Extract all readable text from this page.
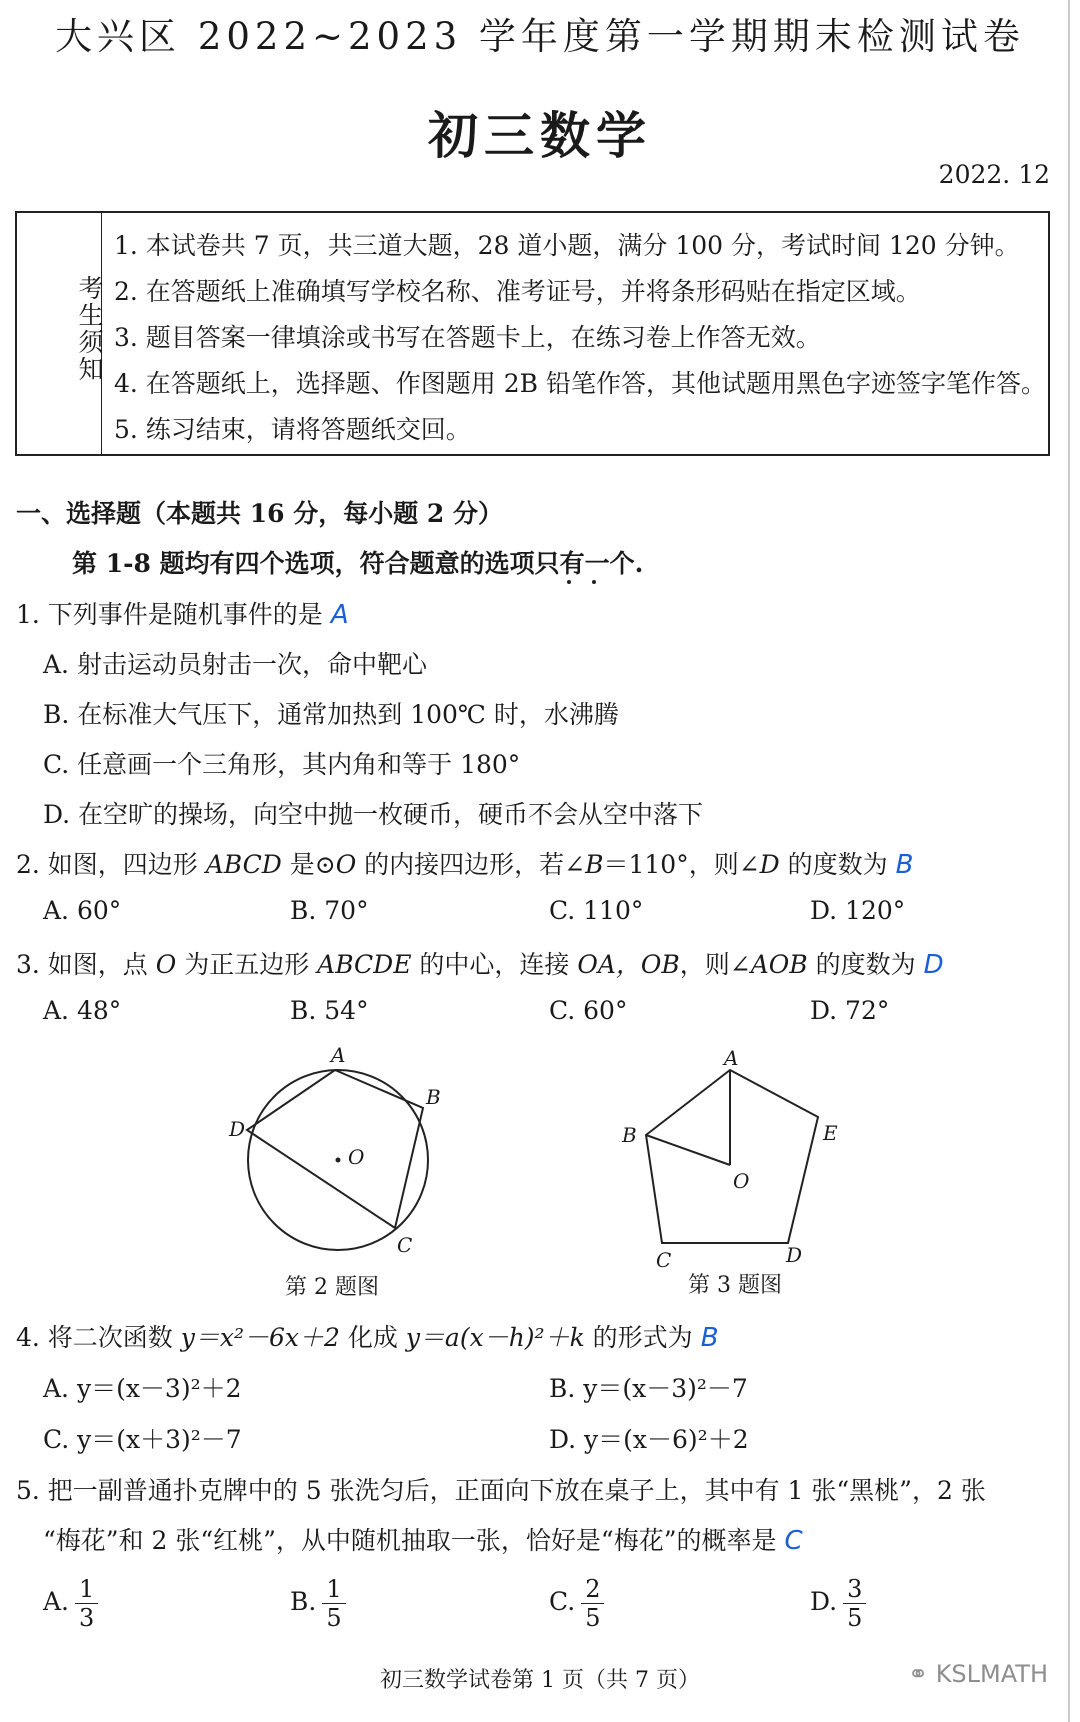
大兴区 2022~2023 学年度第一学期期末检测试卷
初三数学
2022. 12
考生须知
1. 本试卷共 7 页，共三道大题，28 道小题，满分 100 分，考试时间 120 分钟。
2. 在答题纸上准确填写学校名称、准考证号，并将条形码贴在指定区域。
3. 题目答案一律填涂或书写在答题卡上，在练习卷上作答无效。
4. 在答题纸上，选择题、作图题用 2B 铅笔作答，其他试题用黑色字迹签字笔作答。
5. 练习结束，请将答题纸交回。
一、选择题（本题共 16 分，每小题 2 分）
第 1-8 题均有四个选项，符合题意的选项只有一个.
1. 下列事件是随机事件的是 A
A. 射击运动员射击一次，命中靶心
B. 在标准大气压下，通常加热到 100℃ 时，水沸腾
C. 任意画一个三角形，其内角和等于 180°
D. 在空旷的操场，向空中抛一枚硬币，硬币不会从空中落下
2. 如图，四边形 ABCD 是⊙O 的内接四边形，若∠B＝110°，则∠D 的度数为 B
A. 60°	B. 70°	C. 110°	D. 120°
3. 如图，点 O 为正五边形 ABCDE 的中心，连接 OA，OB，则∠AOB 的度数为 D
A. 48°	B. 54°	C. 60°	D. 72°
A
B
C
D
O
第 2 题图
A
B
C	D
E
O
第 3 题图
4. 将二次函数 y＝x²－6x＋2 化成 y＝a(x－h)²＋k 的形式为 B
A. y＝(x－3)²＋2	B. y＝(x－3)²－7
C. y＝(x＋3)²－7	D. y＝(x－6)²＋2
5. 把一副普通扑克牌中的 5 张洗匀后，正面向下放在桌子上，其中有 1 张“黑桃”，2 张
“梅花”和 2 张“红桃”，从中随机抽取一张，恰好是“梅花”的概率是 C
A. $\frac{1}{3}$	B. $\frac{1}{5}$	C. $\frac{2}{5}$	D. $\frac{3}{5}$
初三数学试卷第 1 页（共 7 页）	⚭ KSLMATH
